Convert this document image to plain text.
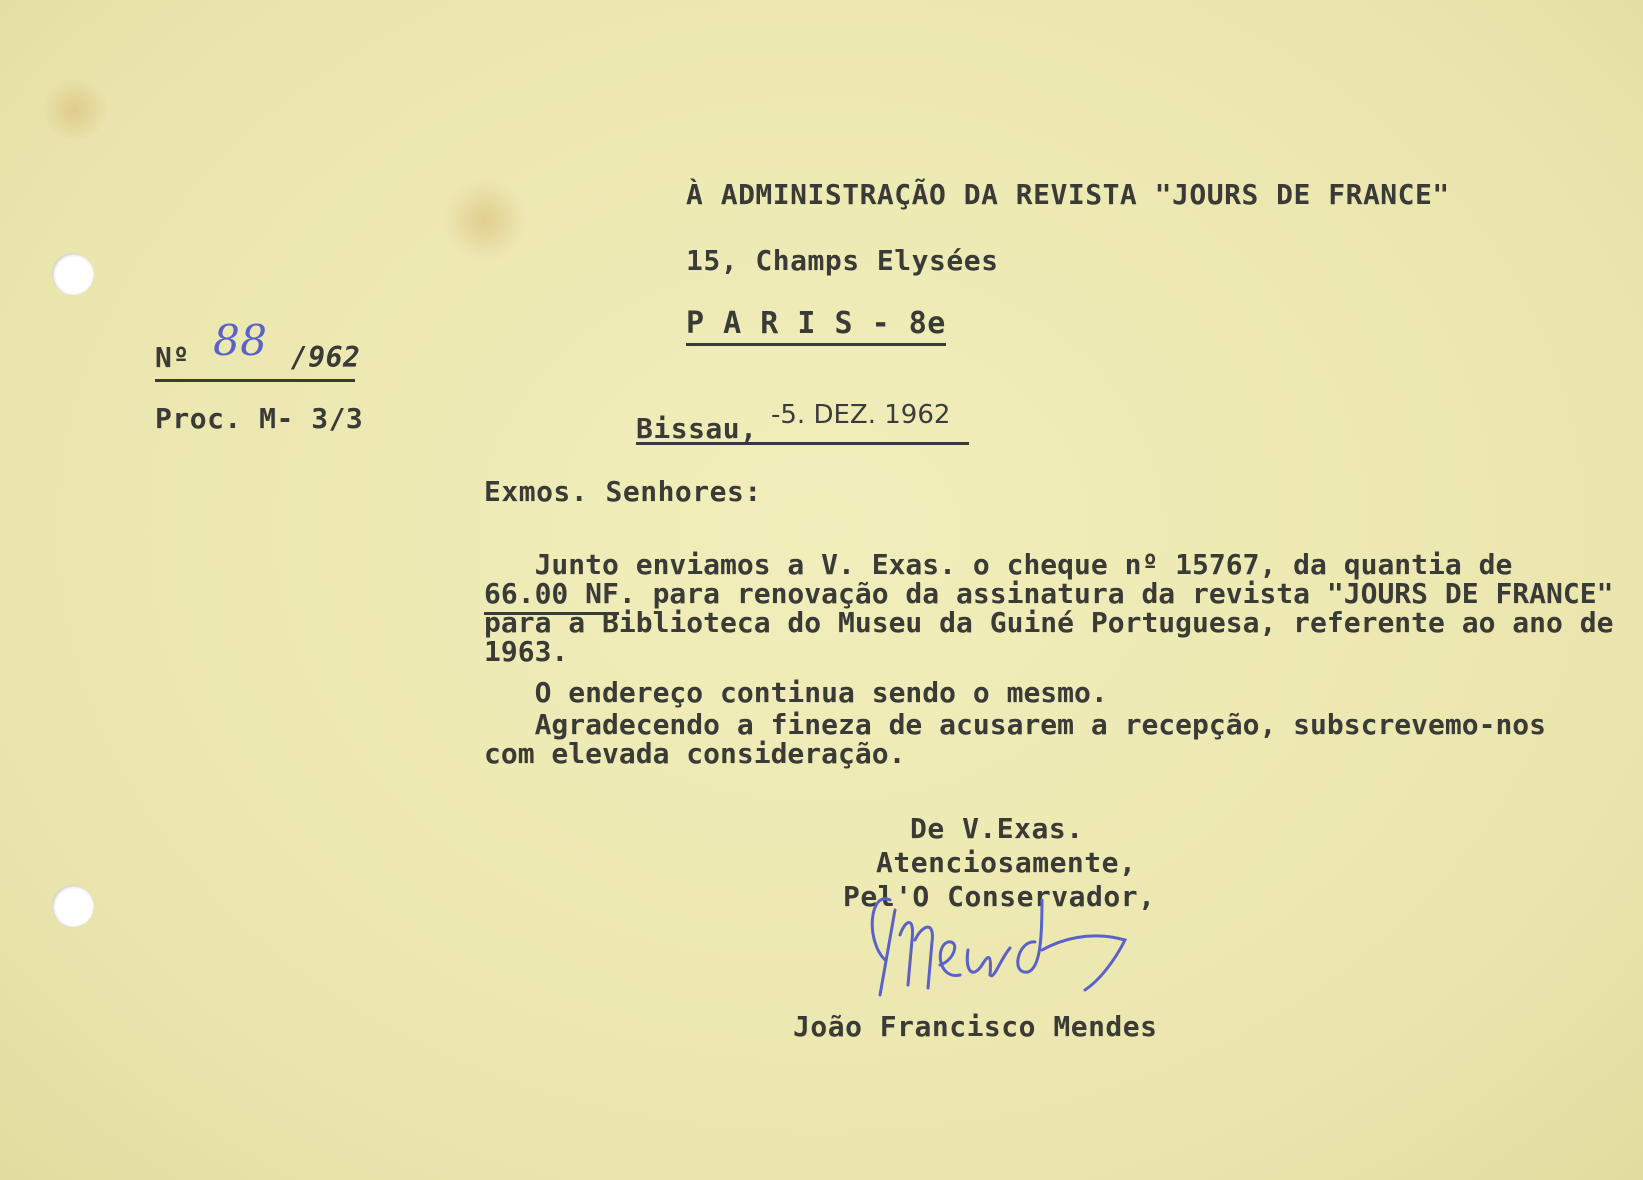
À ADMINISTRAÇÃO DA REVISTA "JOURS DE FRANCE"
15, Champs Elysées
P A R I S - 8e
Nº 88 /962
Proc. M- 3/3	Bissau, -5. DEZ. 1962
Exmos. Senhores:
Junto enviamos a V. Exas. o cheque nº 15767, da quantia de
66.00 NF. para renovação da assinatura da revista "JOURS DE FRANCE"
para a Biblioteca do Museu da Guiné Portuguesa, referente ao ano de
1963.
O endereço continua sendo o mesmo.
Agradecendo a fineza de acusarem a recepção, subscrevemo-nos
com elevada consideração.
De V.Exas.
Atenciosamente,
Pel'O Conservador,
João Francisco Mendes
